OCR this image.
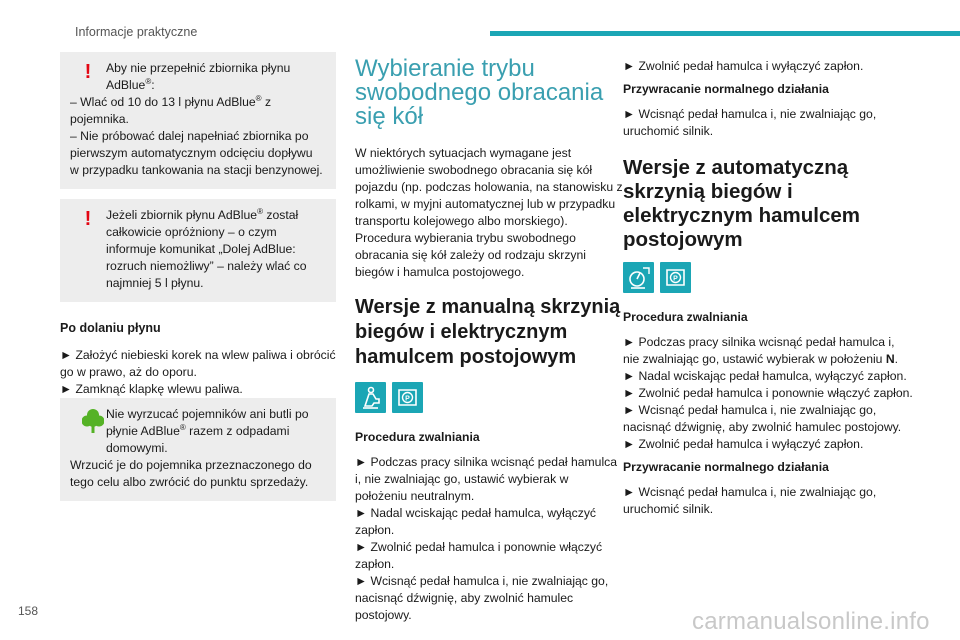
Informacje praktyczne
!	Aby nie przepełnić zbiornika płynu AdBlue®:

– Wlać od 10 do 13 l płynu AdBlue® z pojemnika.

– Nie próbować dalej napełniać zbiornika po pierwszym automatycznym odcięciu dopływu w przypadku tankowania na stacji benzynowej.

!	Jeżeli zbiornik płynu AdBlue® został całkowicie opróżniony – o czym informuje komunikat „Dolej AdBlue: rozruch niemożliwy” – należy wlać co najmniej 5 l płynu.

Po dolaniu płynu

► Założyć niebieski korek na wlew paliwa i obrócić go w prawo, aż do oporu.

► Zamknąć klapkę wlewu paliwa.

Nie wyrzucać pojemników ani butli po płynie AdBlue® razem z odpadami domowymi.

Wrzucić je do pojemnika przeznaczonego do tego celu albo zwrócić do punktu sprzedaży.

Wybieranie trybu swobodnego obracania się kół

W niektórych sytuacjach wymagane jest umożliwienie swobodnego obracania się kół pojazdu (np. podczas holowania, na stanowisku z rolkami, w myjni automatycznej lub w przypadku transportu kolejowego albo morskiego).

Procedura wybierania trybu swobodnego obracania się kół zależy od rodzaju skrzyni biegów i hamulca postojowego.

Wersje z manualną skrzynią biegów i elektrycznym hamulcem postojowym
P
Procedura zwalniania

► Podczas pracy silnika wcisnąć pedał hamulca i, nie zwalniając go, ustawić wybierak w położeniu neutralnym.

► Nadal wciskając pedał hamulca, wyłączyć zapłon.

► Zwolnić pedał hamulca i ponownie włączyć zapłon.

► Wcisnąć pedał hamulca i, nie zwalniając go, nacisnąć dźwignię, aby zwolnić hamulec postojowy.

► Zwolnić pedał hamulca i wyłączyć zapłon.

Przywracanie normalnego działania

► Wcisnąć pedał hamulca i, nie zwalniając go, uruchomić silnik.

Wersje z automatyczną skrzynią biegów i elektrycznym hamulcem postojowym
P
Procedura zwalniania

► Podczas pracy silnika wcisnąć pedał hamulca i, nie zwalniając go, ustawić wybierak w położeniu N.

► Nadal wciskając pedał hamulca, wyłączyć zapłon.

► Zwolnić pedał hamulca i ponownie włączyć zapłon.

► Wcisnąć pedał hamulca i, nie zwalniając go, nacisnąć dźwignię, aby zwolnić hamulec postojowy.

► Zwolnić pedał hamulca i wyłączyć zapłon.

Przywracanie normalnego działania

► Wcisnąć pedał hamulca i, nie zwalniając go, uruchomić silnik.

158	carmanualsonline.info
